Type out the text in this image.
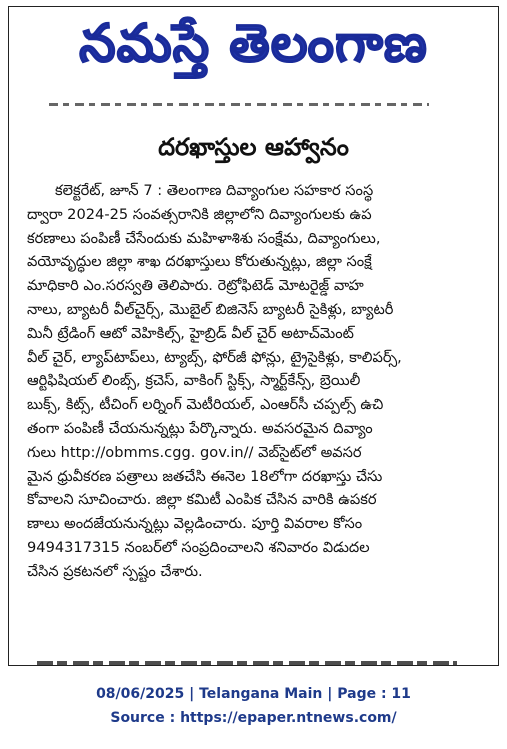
నమస్తే తెలంగాణ
దరఖాస్తుల ఆహ్వానం
కలెక్టరేట్, జూన్ 7 : తెలంగాణ దివ్యాంగుల సహకార సంస్థ
ద్వారా 2024-25 సంవత్సరానికి జిల్లాలోని దివ్యాంగులకు ఉప
కరణాలు పంపిణీ చేసేందుకు మహిళాశిశు సంక్షేమ, దివ్యాంగులు,
వయోవృద్ధుల జిల్లా శాఖ దరఖాస్తులు కోరుతున్నట్లు, జిల్లా సంక్షే
మాధికారి ఎం.సరస్వతి తెలిపారు. రెట్రోఫిటెడ్ మోటరైజ్డ్ వాహ
నాలు, బ్యాటరీ వీల్‌చైర్స్, మొబైల్ బిజినెస్ బ్యాటరీ సైకిళ్లు, బ్యాటరీ
మినీ ట్రేడింగ్ ఆటో వెహికిల్స్, హైబ్రిడ్ వీల్ చైర్ అటాచ్‌మెంట్
వీల్ చైర్, ల్యాప్‌టాప్‌లు, ట్యాబ్స్, ఫోర్‌జీ ఫోన్లు, ట్రైసైకిళ్లు, కాలిపర్స్,
ఆర్టిఫిషియల్ లింబ్స్, క్రచెస్, వాకింగ్ స్టిక్స్, స్మార్ట్‌కేన్స్, బ్రెయిలీ
బుక్స్, కిట్స్, టీచింగ్ లర్నింగ్ మెటీరియల్, ఎంఆర్‌సీ చప్పల్స్ ఉచి
తంగా పంపిణీ చేయనున్నట్లు పేర్కొన్నారు. అవసరమైన దివ్యాం
గులు http://obmms.cgg. gov.in// వెబ్‌సైట్‌లో అవసర
మైన ధ్రువీకరణ పత్రాలు జతచేసి ఈనెల 18లోగా దరఖాస్తు చేసు
కోవాలని సూచించారు. జిల్లా కమిటీ ఎంపిక చేసిన వారికి ఉపకర
ణాలు అందజేయనున్నట్లు వెల్లడించారు. పూర్తి వివరాల కోసం
9494317315 నంబర్‌లో సంప్రదించాలని శనివారం విడుదల
చేసిన ప్రకటనలో స్పష్టం చేశారు.
08/06/2025 | Telangana Main | Page : 11
Source : https://epaper.ntnews.com/
